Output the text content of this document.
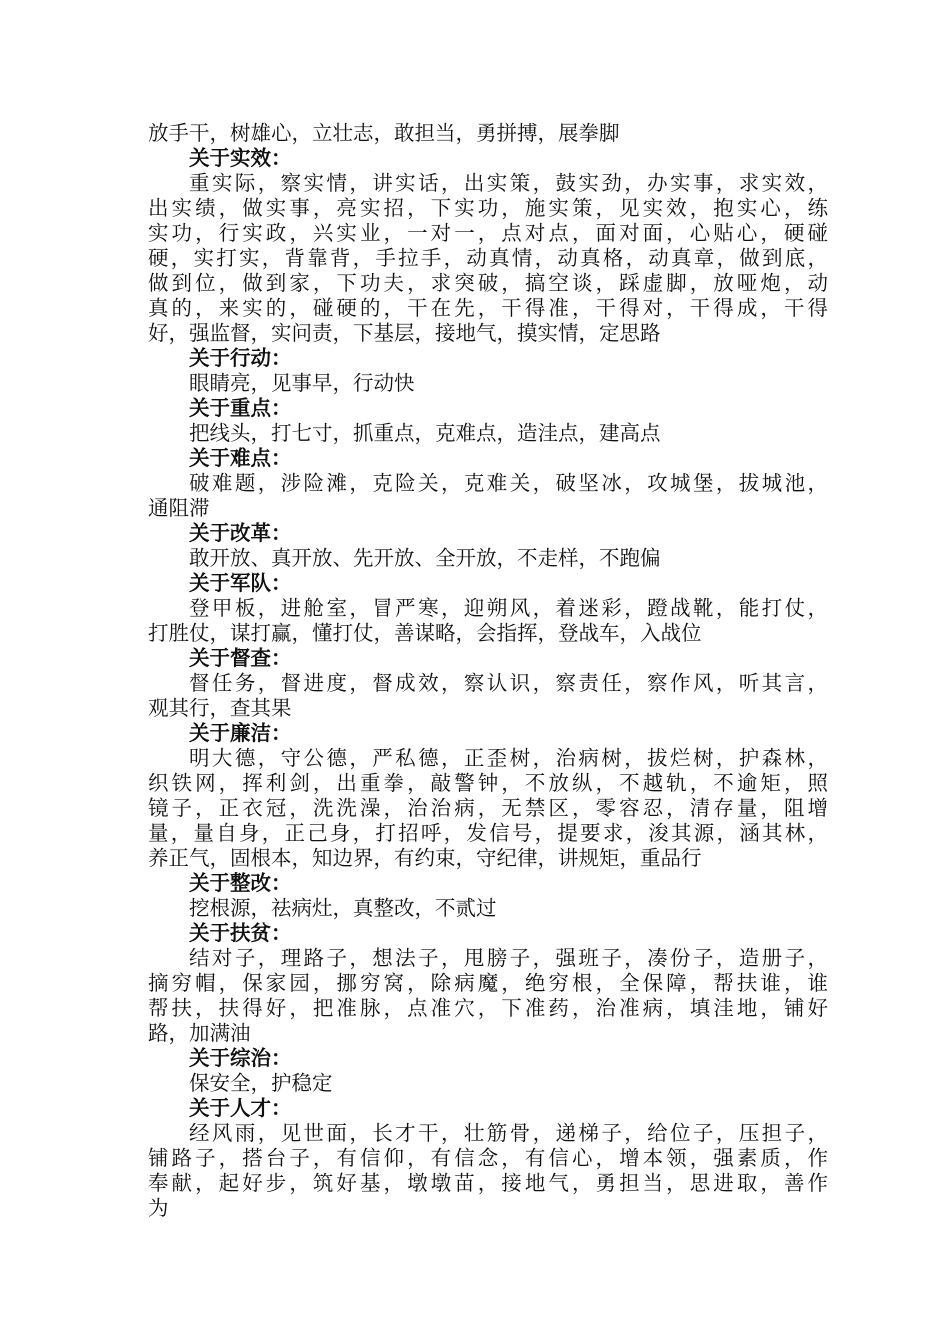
放手干，树雄心，立壮志，敢担当，勇拼搏，展拳脚
关于实效：
重实际，察实情，讲实话，出实策，鼓实劲，办实事，求实效，
出实绩，做实事，亮实招，下实功，施实策，见实效，抱实心，练
实功，行实政，兴实业，一对一，点对点，面对面，心贴心，硬碰
硬，实打实，背靠背，手拉手，动真情，动真格，动真章，做到底，
做到位，做到家，下功夫，求突破，搞空谈，踩虚脚，放哑炮，动
真的，来实的，碰硬的，干在先，干得准，干得对，干得成，干得
好，强监督，实问责，下基层，接地气，摸实情，定思路
关于行动：
眼睛亮，见事早，行动快
关于重点：
把线头，打七寸，抓重点，克难点，造洼点，建高点
关于难点：
破难题，涉险滩，克险关，克难关，破坚冰，攻城堡，拔城池，
通阻滞
关于改革：
敢开放、真开放、先开放、全开放，不走样，不跑偏
关于军队：
登甲板，进舱室，冒严寒，迎朔风，着迷彩，蹬战靴，能打仗，
打胜仗，谋打赢，懂打仗，善谋略，会指挥，登战车，入战位
关于督查：
督任务，督进度，督成效，察认识，察责任，察作风，听其言，
观其行，查其果
关于廉洁：
明大德，守公德，严私德，正歪树，治病树，拔烂树，护森林，
织铁网，挥利剑，出重拳，敲警钟，不放纵，不越轨，不逾矩，照
镜子，正衣冠，洗洗澡，治治病，无禁区，零容忍，清存量，阻增
量，量自身，正己身，打招呼，发信号，提要求，浚其源，涵其林，
养正气，固根本，知边界，有约束，守纪律，讲规矩，重品行
关于整改：
挖根源，祛病灶，真整改，不贰过
关于扶贫：
结对子，理路子，想法子，甩膀子，强班子，凑份子，造册子，
摘穷帽，保家园，挪穷窝，除病魔，绝穷根，全保障，帮扶谁，谁
帮扶，扶得好，把准脉，点准穴，下准药，治准病，填洼地，铺好
路，加满油
关于综治：
保安全，护稳定
关于人才：
经风雨，见世面，长才干，壮筋骨，递梯子，给位子，压担子，
铺路子，搭台子，有信仰，有信念，有信心，增本领，强素质，作
奉献，起好步，筑好基，墩墩苗，接地气，勇担当，思进取，善作
为
